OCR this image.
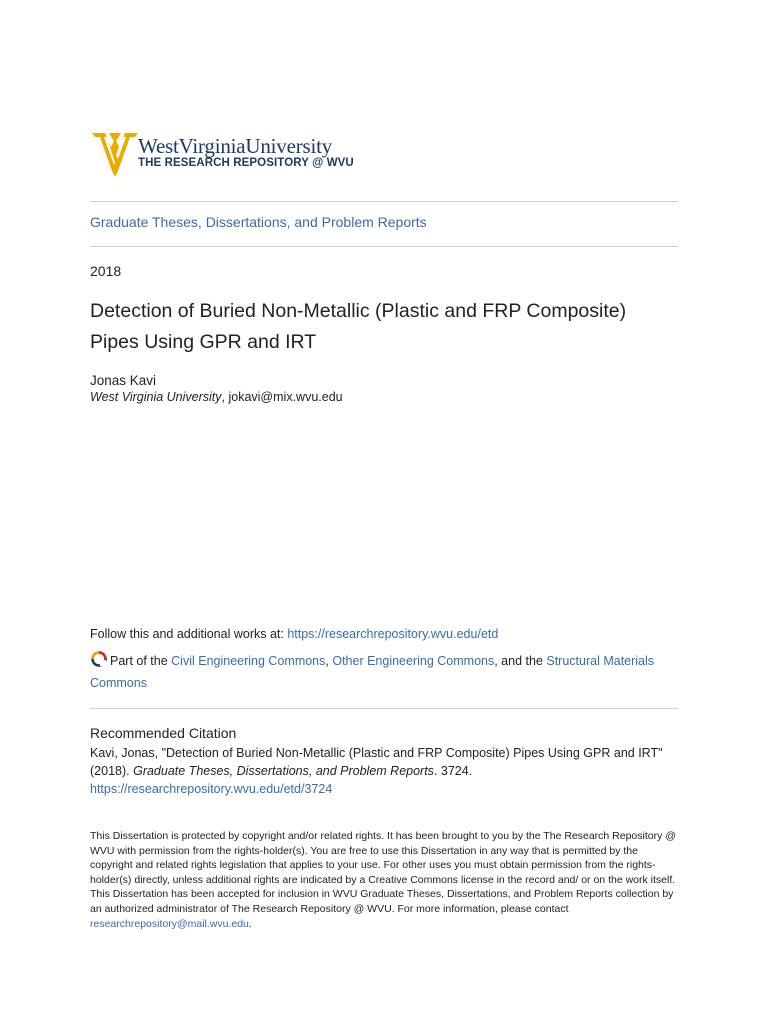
WestVirginiaUniversity
THE RESEARCH REPOSITORY @ WVU
Graduate Theses, Dissertations, and Problem Reports
2018
Detection of Buried Non-Metallic (Plastic and FRP Composite) Pipes Using GPR and IRT
Jonas Kavi
West Virginia University, jokavi@mix.wvu.edu
Follow this and additional works at: https://researchrepository.wvu.edu/etd
Part of the Civil Engineering Commons, Other Engineering Commons, and the Structural Materials Commons
Recommended Citation
Kavi, Jonas, "Detection of Buried Non-Metallic (Plastic and FRP Composite) Pipes Using GPR and IRT" (2018). Graduate Theses, Dissertations, and Problem Reports. 3724.
https://researchrepository.wvu.edu/etd/3724
This Dissertation is protected by copyright and/or related rights. It has been brought to you by the The Research Repository @ WVU with permission from the rights-holder(s). You are free to use this Dissertation in any way that is permitted by the copyright and related rights legislation that applies to your use. For other uses you must obtain permission from the rights-holder(s) directly, unless additional rights are indicated by a Creative Commons license in the record and/ or on the work itself. This Dissertation has been accepted for inclusion in WVU Graduate Theses, Dissertations, and Problem Reports collection by an authorized administrator of The Research Repository @ WVU. For more information, please contact researchrepository@mail.wvu.edu.
